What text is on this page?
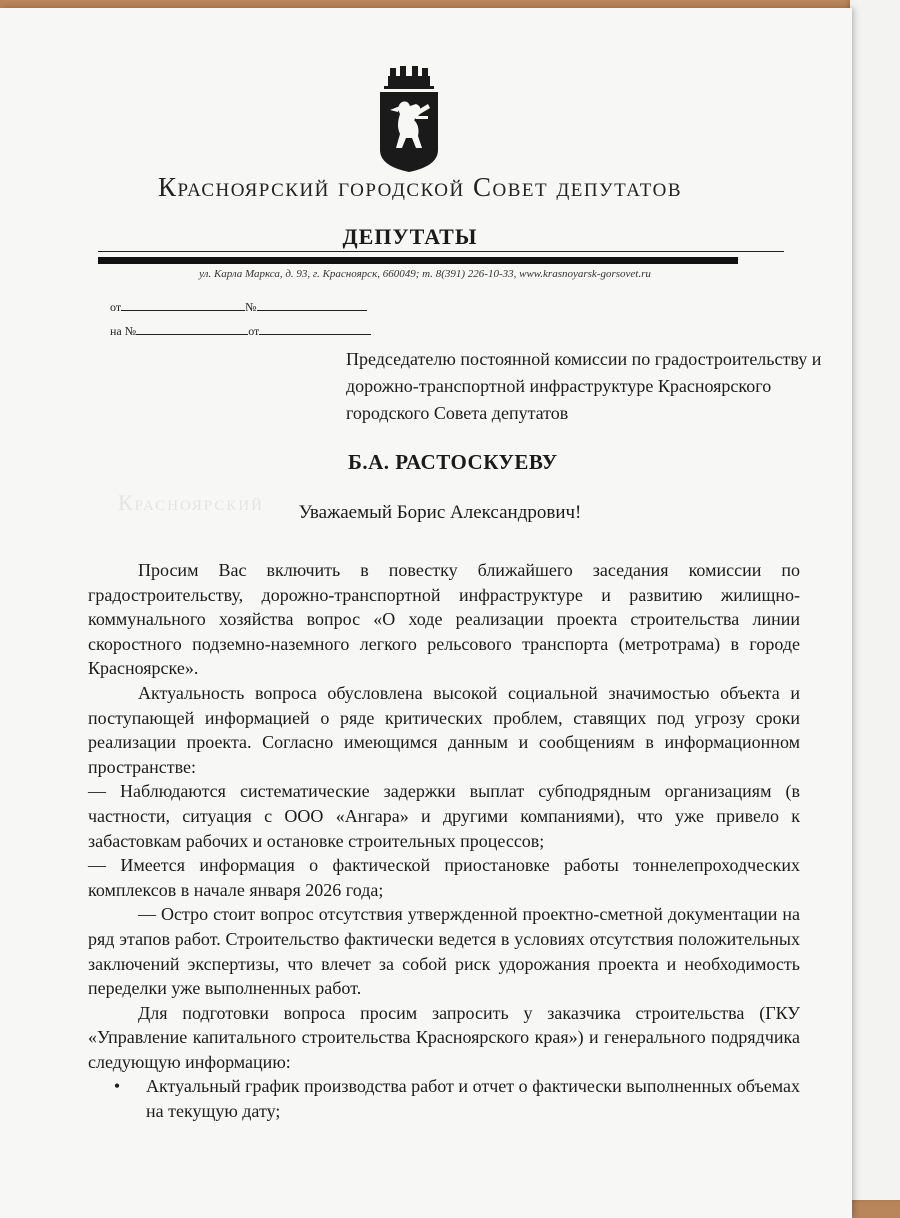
Красноярский городской Совет депутатов
ДЕПУТАТЫ
ул. Карла Маркса, д. 93, г. Красноярск, 660049; т. 8(391) 226-10-33, www.krasnoyarsk-gorsovet.ru
от	№
на №	от
Председателю постоянной комиссии по градостроительству и дорожно-транспортной инфраструктуре Красноярского городского Совета депутатов
Б.А. РАСТОСКУЕВУ
Красноярский	Уважаемый Борис Александрович!

Просим Вас включить в повестку ближайшего заседания комиссии по градостроительству, дорожно-транспортной инфраструктуре и развитию жилищно-коммунального хозяйства вопрос «О ходе реализации проекта строительства линии скоростного подземно-наземного легкого рельсового транспорта (метротрама) в городе Красноярске».

Актуальность вопроса обусловлена высокой социальной значимостью объекта и поступающей информацией о ряде критических проблем, ставящих под угрозу сроки реализации проекта. Согласно имеющимся данным и сообщениям в информационном пространстве:

— Наблюдаются систематические задержки выплат субподрядным организациям (в частности, ситуация с ООО «Ангара» и другими компаниями), что уже привело к забастовкам рабочих и остановке строительных процессов;

— Имеется информация о фактической приостановке работы тоннелепроходческих комплексов в начале января 2026 года;

— Остро стоит вопрос отсутствия утвержденной проектно-сметной документации на ряд этапов работ. Строительство фактически ведется в условиях отсутствия положительных заключений экспертизы, что влечет за собой риск удорожания проекта и необходимость переделки уже выполненных работ.

Для подготовки вопроса просим запросить у заказчика строительства (ГКУ «Управление капитального строительства Красноярского края») и генерального подрядчика следующую информацию:

•	Актуальный график производства работ и отчет о фактически выполненных объемах на текущую дату;
